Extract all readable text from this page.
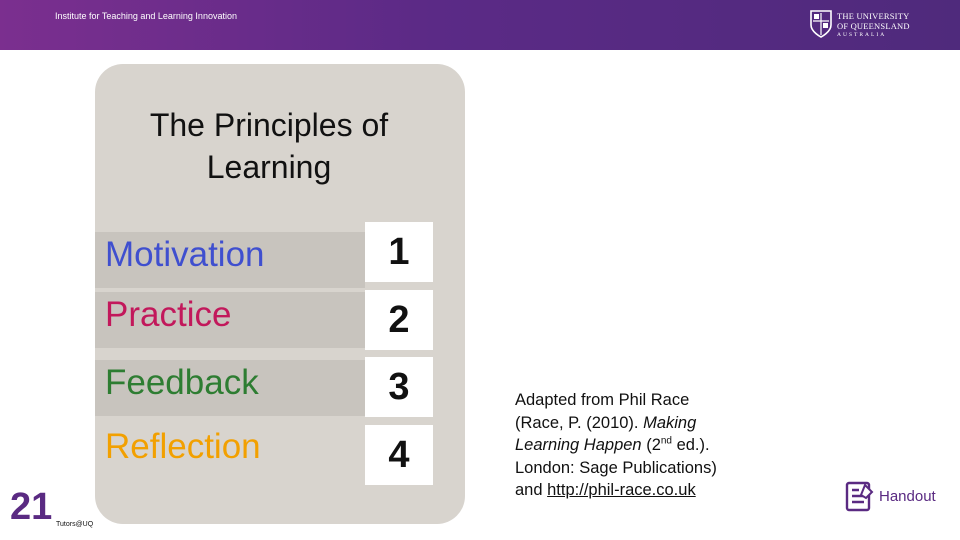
Institute for Teaching and Learning Innovation	THE UNIVERSITY
OF QUEENSLAND
AUSTRALIA
The Principles of Learning
Motivation	1
Practice	2
Feedback	3
Reflection	4
21 Tutors@UQ
Adapted from Phil Race
(Race, P. (2010). Making
Learning Happen (2nd ed.).
London: Sage Publications)
and http://phil-race.co.uk	Handout
